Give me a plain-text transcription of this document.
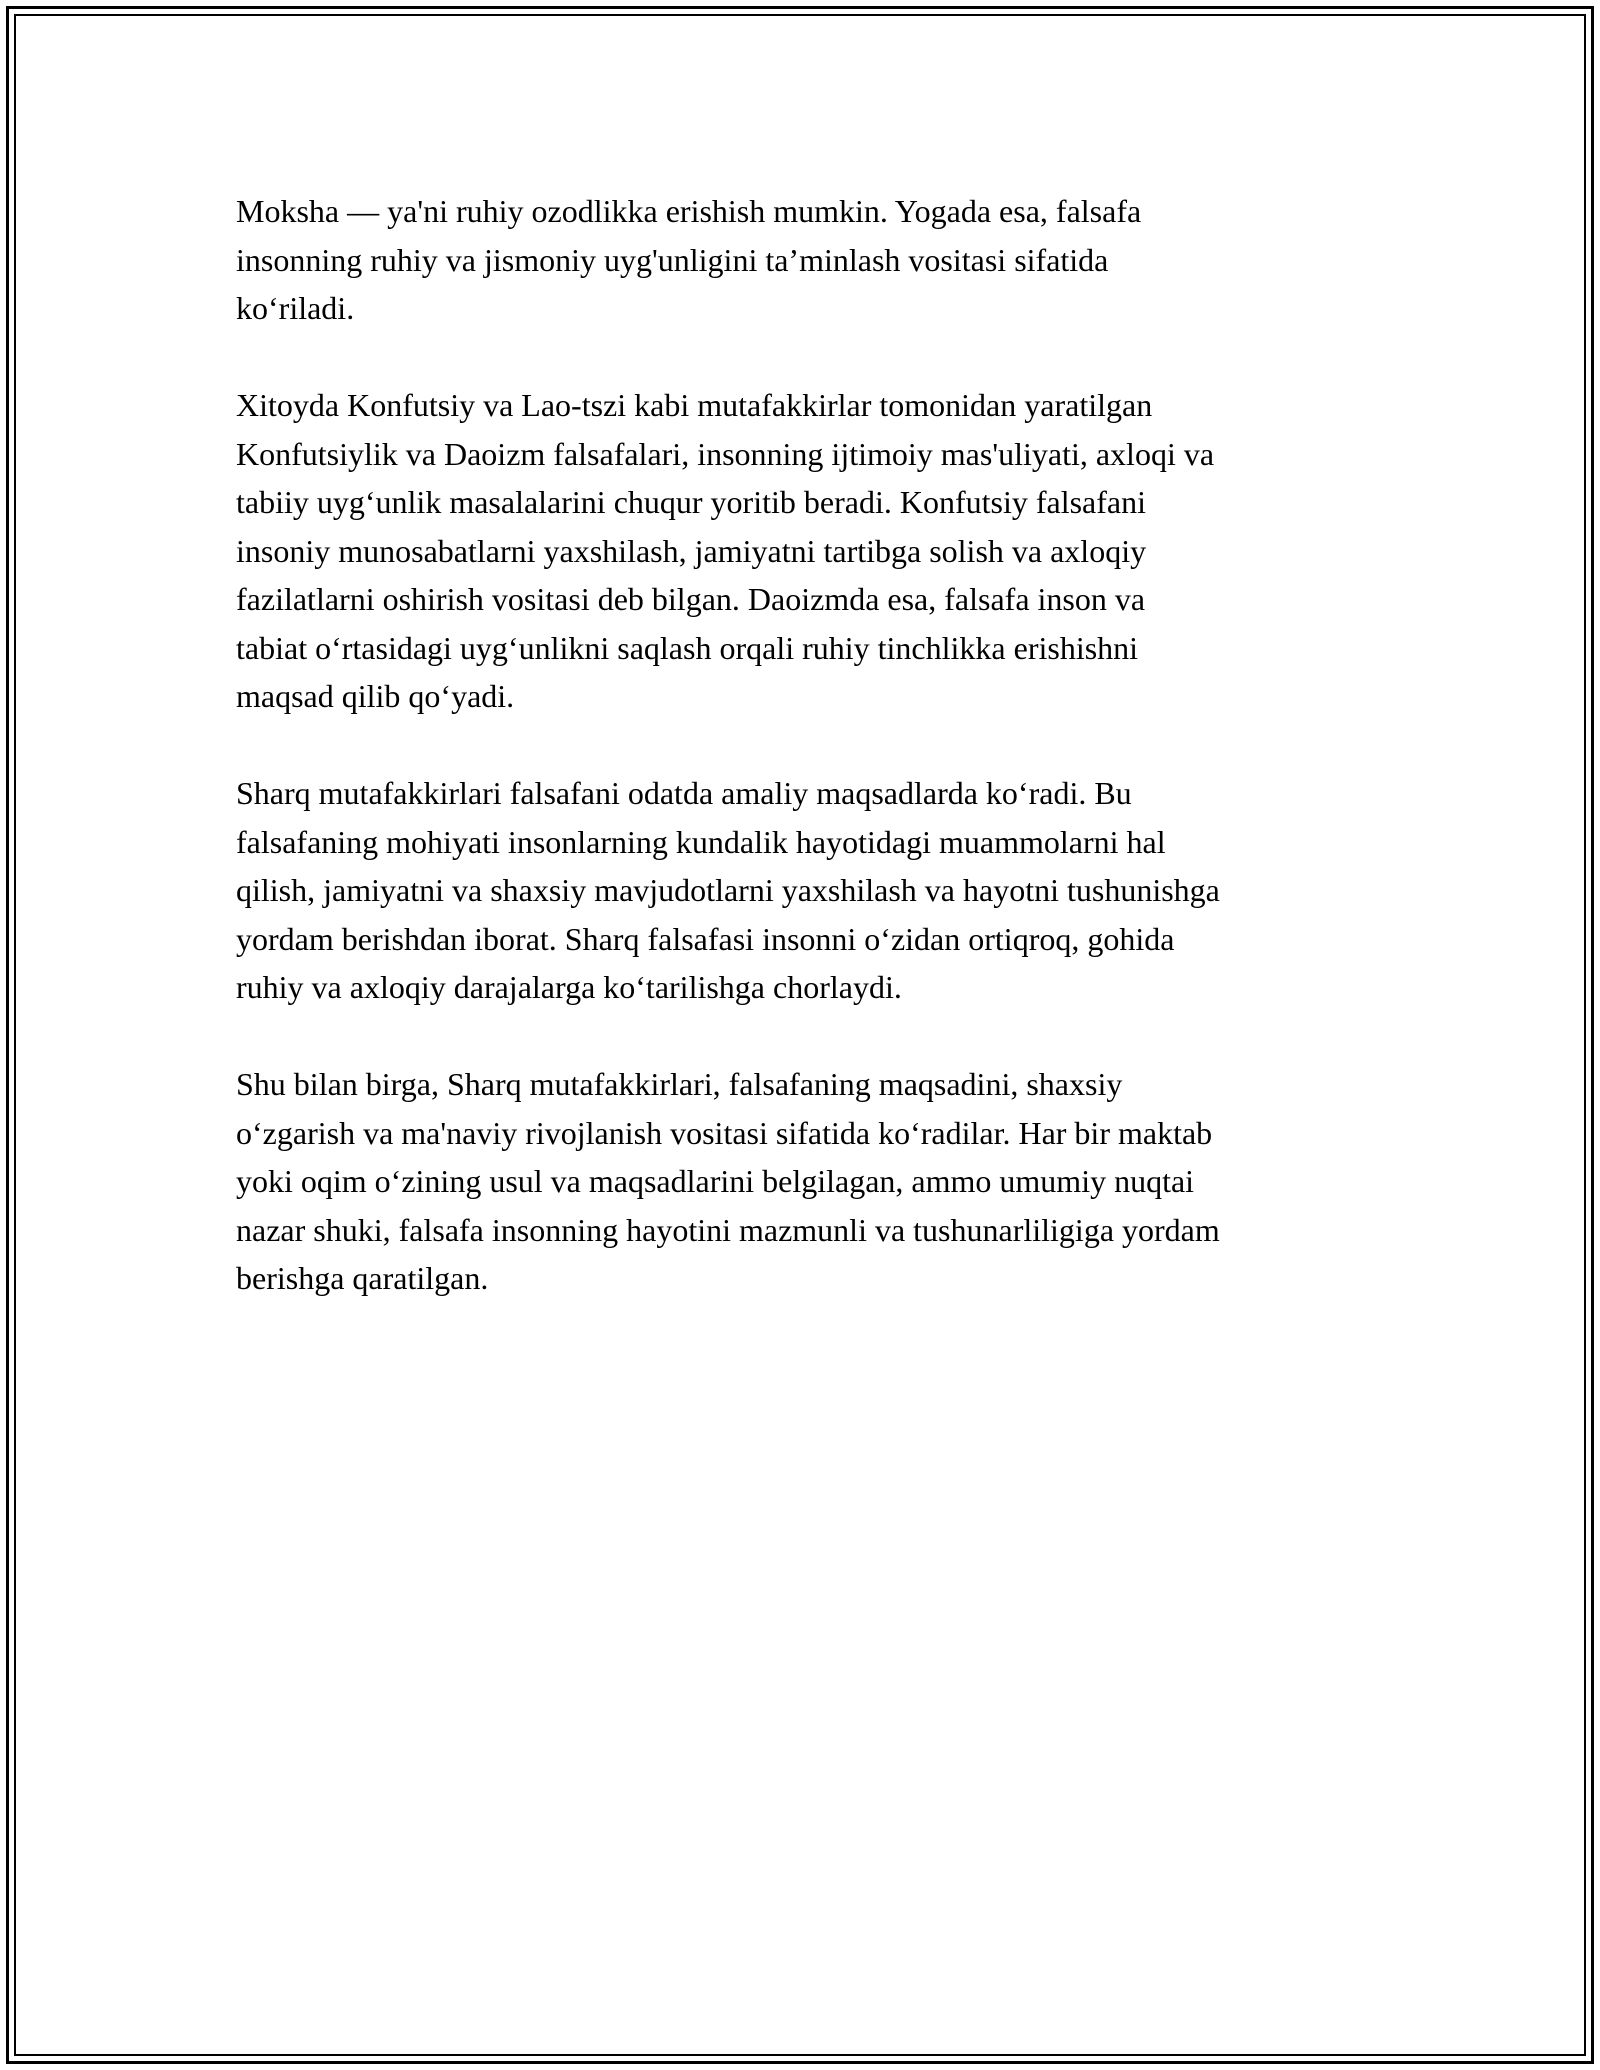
Moksha — ya'ni ruhiy ozodlikka erishish mumkin. Yogada esa, falsafa
insonning ruhiy va jismoniy uyg'unligini ta’minlash vositasi sifatida
ko‘riladi.

Xitoyda Konfutsiy va Lao-tszi kabi mutafakkirlar tomonidan yaratilgan
Konfutsiylik va Daoizm falsafalari, insonning ijtimoiy mas'uliyati, axloqi va
tabiiy uyg‘unlik masalalarini chuqur yoritib beradi. Konfutsiy falsafani
insoniy munosabatlarni yaxshilash, jamiyatni tartibga solish va axloqiy
fazilatlarni oshirish vositasi deb bilgan. Daoizmda esa, falsafa inson va
tabiat o‘rtasidagi uyg‘unlikni saqlash orqali ruhiy tinchlikka erishishni
maqsad qilib qo‘yadi.

Sharq mutafakkirlari falsafani odatda amaliy maqsadlarda ko‘radi. Bu
falsafaning mohiyati insonlarning kundalik hayotidagi muammolarni hal
qilish, jamiyatni va shaxsiy mavjudotlarni yaxshilash va hayotni tushunishga
yordam berishdan iborat. Sharq falsafasi insonni o‘zidan ortiqroq, gohida
ruhiy va axloqiy darajalarga ko‘tarilishga chorlaydi.

Shu bilan birga, Sharq mutafakkirlari, falsafaning maqsadini, shaxsiy
o‘zgarish va ma'naviy rivojlanish vositasi sifatida ko‘radilar. Har bir maktab
yoki oqim o‘zining usul va maqsadlarini belgilagan, ammo umumiy nuqtai
nazar shuki, falsafa insonning hayotini mazmunli va tushunarliligiga yordam
berishga qaratilgan.
